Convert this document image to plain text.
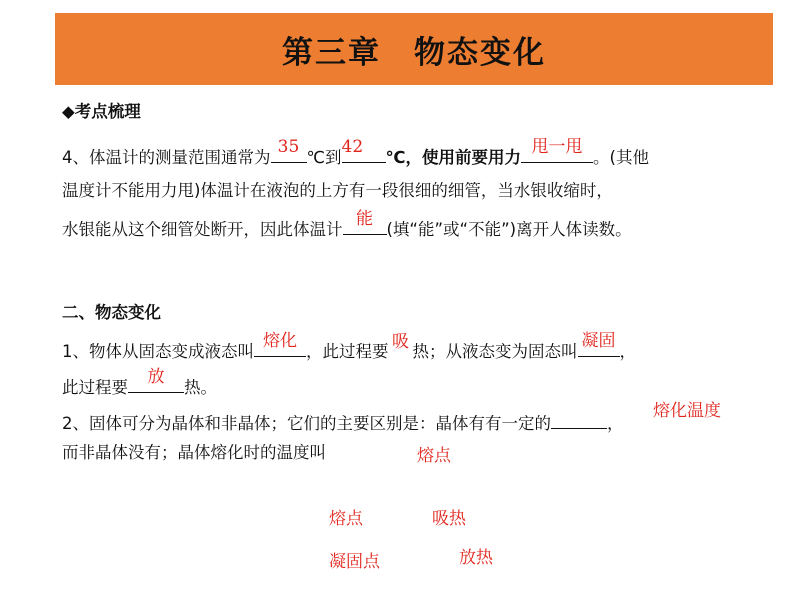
第三章　物态变化
◆考点梳理
4、体温计的测量范围通常为
35
℃到
42
℃，使用前要用力
甩一甩
。(其他
温度计不能用力甩)体温计在液泡的上方有一段很细的细管，当水银收缩时，
水银能从这个细管处断开，因此体温计
能
(填“能”或“不能”)离开人体读数。
二、物态变化
1、物体从固态变成液态叫
熔化
，此过程要 吸 热；从液态变为固态叫
凝固
，
此过程要
放
热。
2、固体可分为晶体和非晶体；它们的主要区别是：晶体有有一定的	，
熔化温度
而非晶体没有；晶体熔化时的温度叫	熔点
熔点	吸热
凝固点	放热
